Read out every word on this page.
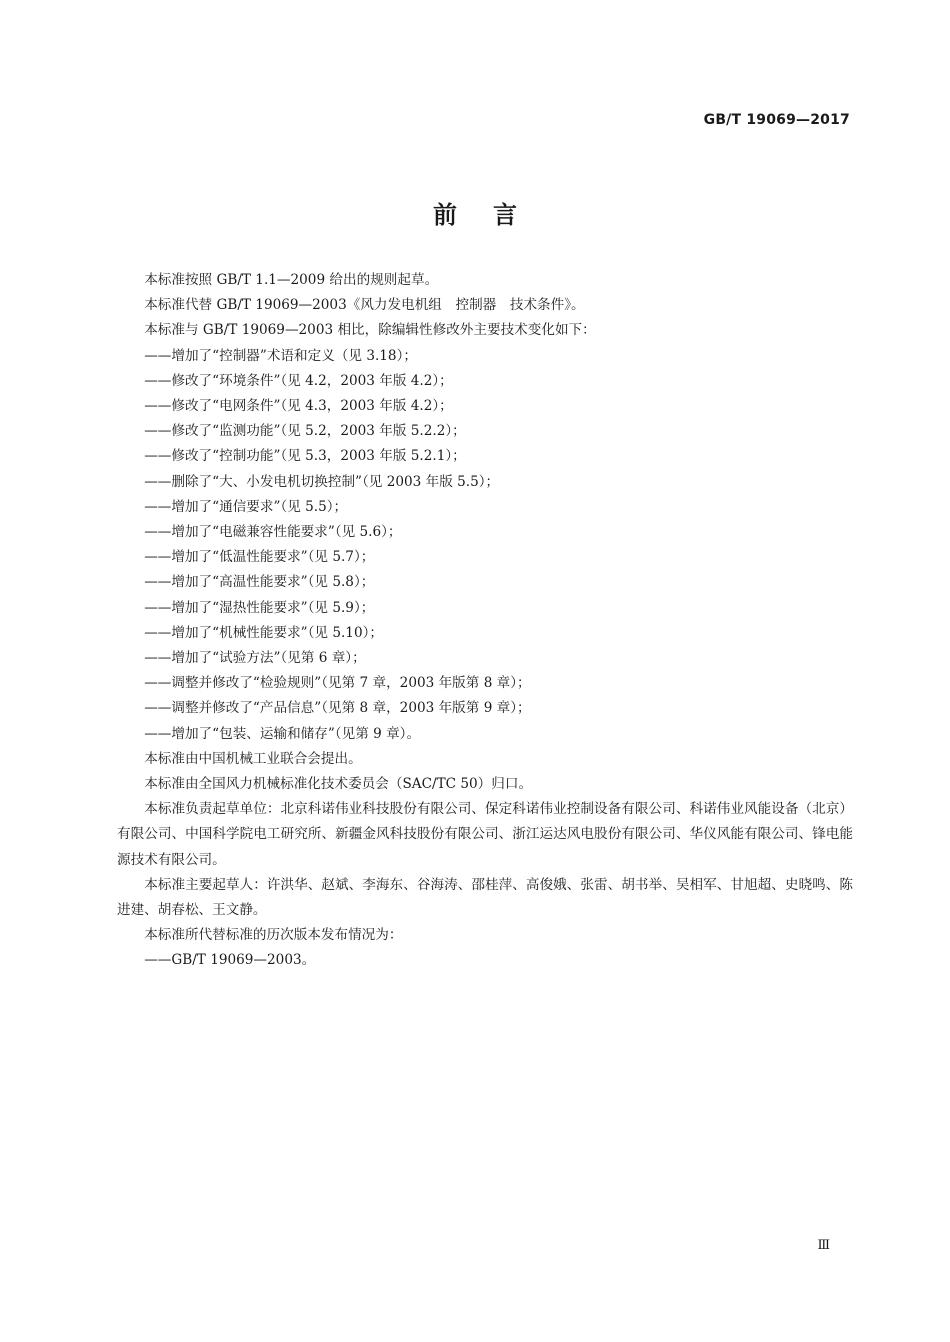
GB/T 19069—2017
前言

本标准按照 GB/T 1.1—2009 给出的规则起草。

本标准代替 GB/T 19069—2003《风力发电机组　控制器　技术条件》。

本标准与 GB/T 19069—2003 相比，除编辑性修改外主要技术变化如下：

——增加了“控制器”术语和定义（见 3.18）；
——修改了“环境条件”（见 4.2，2003 年版 4.2）；
——修改了“电网条件”（见 4.3，2003 年版 4.2）；
——修改了“监测功能”（见 5.2，2003 年版 5.2.2）；
——修改了“控制功能”（见 5.3，2003 年版 5.2.1）；
——删除了“大、小发电机切换控制”（见 2003 年版 5.5）；
——增加了“通信要求”（见 5.5）；
——增加了“电磁兼容性能要求”（见 5.6）；
——增加了“低温性能要求”（见 5.7）；
——增加了“高温性能要求”（见 5.8）；
——增加了“湿热性能要求”（见 5.9）；
——增加了“机械性能要求”（见 5.10）；
——增加了“试验方法”（见第 6 章）；
——调整并修改了“检验规则”（见第 7 章，2003 年版第 8 章）；
——调整并修改了“产品信息”（见第 8 章，2003 年版第 9 章）；
——增加了“包装、运输和储存”（见第 9 章）。

本标准由中国机械工业联合会提出。

本标准由全国风力机械标准化技术委员会（SAC/TC 50）归口。

本标准负责起草单位：北京科诺伟业科技股份有限公司、保定科诺伟业控制设备有限公司、科诺伟业风能设备（北京）有限公司、中国科学院电工研究所、新疆金风科技股份有限公司、浙江运达风电股份有限公司、华仪风能有限公司、锋电能源技术有限公司。

本标准主要起草人：许洪华、赵斌、李海东、谷海涛、邵桂萍、高俊娥、张雷、胡书举、吴相军、甘旭超、史晓鸣、陈进建、胡春松、王文静。

本标准所代替标准的历次版本发布情况为：

——GB/T 19069—2003。
Ⅲ
